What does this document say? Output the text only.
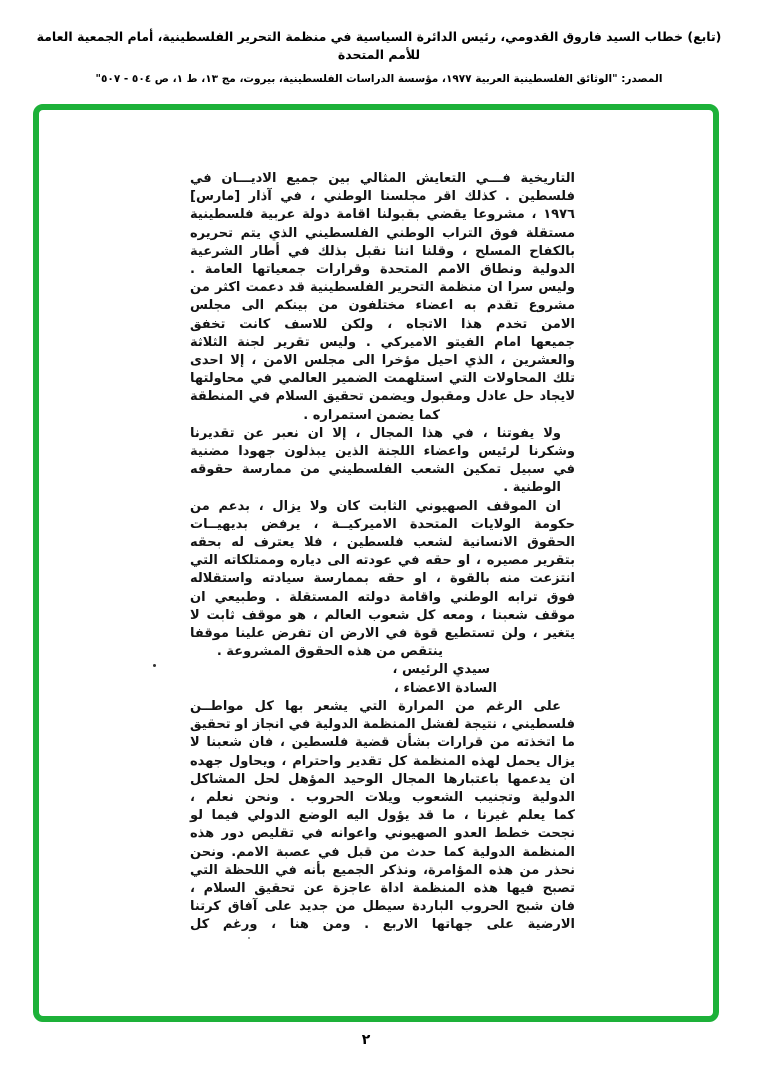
(تابع) خطاب السيد فاروق القدومي، رئيس الدائرة السياسية في منظمة التحرير الفلسطينية، أمام الجمعية العامة للأمم المتحدة
المصدر: "الوثائق الفلسطينية العربية ١٩٧٧، مؤسسة الدراسات الفلسطينية، بيروت، مج ١٣، ط ١، ص ٥٠٤ - ٥٠٧"
التاريخية فـــي التعايش المثالي بين جميع الاديـــان في
فلسطين . كذلك اقر مجلسنا الوطني ، في آذار [مارس]
١٩٧٦ ، مشروعا يقضي بقبولنا اقامة دولة عربية فلسطينية
مستقلة فوق التراب الوطني الفلسطيني الذي يتم تحريره
بالكفاح المسلح ، وقلنا اننا نقبل بذلك في أطار الشرعية
الدولية ونطاق الامم المتحدة وقرارات جمعياتها العامة .
وليس سرا ان منظمة التحرير الفلسطينية قد دعمت اكثر من
مشروع تقدم به اعضاء مختلفون من بينكم الى مجلس
الامن تخدم هذا الاتجاه ، ولكن للاسف كانت تخفق
جميعها امام الفيتو الاميركي . وليس تقرير لجنة الثلاثة
والعشرين ، الذي احيل مؤخرا الى مجلس الامن ، إلا احدى
تلك المحاولات التي استلهمت الضمير العالمي في محاولتها
لايجاد حل عادل ومقبول ويضمن تحقيق السلام في المنطقة
كما يضمن استمراره .
ولا يفوتنا ، في هذا المجال ، إلا ان نعبر عن تقديرنا
وشكرنا لرئيس واعضاء اللجنة الذين يبذلون جهودا مضنية
في سبيل تمكين الشعب الفلسطيني من ممارسة حقوقه
الوطنية .
ان الموقف الصهيوني الثابت كان ولا يزال ، بدعم من
حكومة الولايات المتحدة الاميركيــة ، يرفض بديهيــات
الحقوق الانسانية لشعب فلسطين ، فلا يعترف له بحقه
بتقرير مصيره ، او حقه في عودته الى دياره وممتلكاته التي
انتزعت منه بالقوة ، او حقه بممارسة سيادته واستقلاله
فوق ترابه الوطني واقامة دولته المستقلة . وطبيعي ان
موقف شعبنا ، ومعه كل شعوب العالم ، هو موقف ثابت لا
يتغير ، ولن تستطيع قوة في الارض ان تفرض علينا موقفا
ينتقص من هذه الحقوق المشروعة .
سيدي الرئيس ،
السادة الاعضاء ،
على الرغم من المرارة التي يشعر بها كل مواطــن
فلسطيني ، نتيجة لفشل المنظمة الدولية في انجاز او تحقيق
ما اتخذته من قرارات بشأن قضية فلسطين ، فان شعبنا لا
يزال يحمل لهذه المنظمة كل تقدير واحترام ، ويحاول جهده
ان يدعمها باعتبارها المجال الوحيد المؤهل لحل المشاكل
الدولية وتجنيب الشعوب ويلات الحروب . ونحن نعلم ،
كما يعلم غيرنا ، ما قد يؤول اليه الوضع الدولي فيما لو
نجحت خطط العدو الصهيوني واعوانه في تقليص دور هذه
المنظمة الدولية كما حدث من قبل في عصبة الامم. ونحن
نحذر من هذه المؤامرة، ونذكر الجميع بأنه في اللحظة التي
تصبح فيها هذه المنظمة اداة عاجزة عن تحقيق السلام ،
فان شبح الحروب الباردة سيطل من جديد على آفاق كرتنا
الارضية على جهاتها الاربع . ومن هنا ، ورغم كل
٢
